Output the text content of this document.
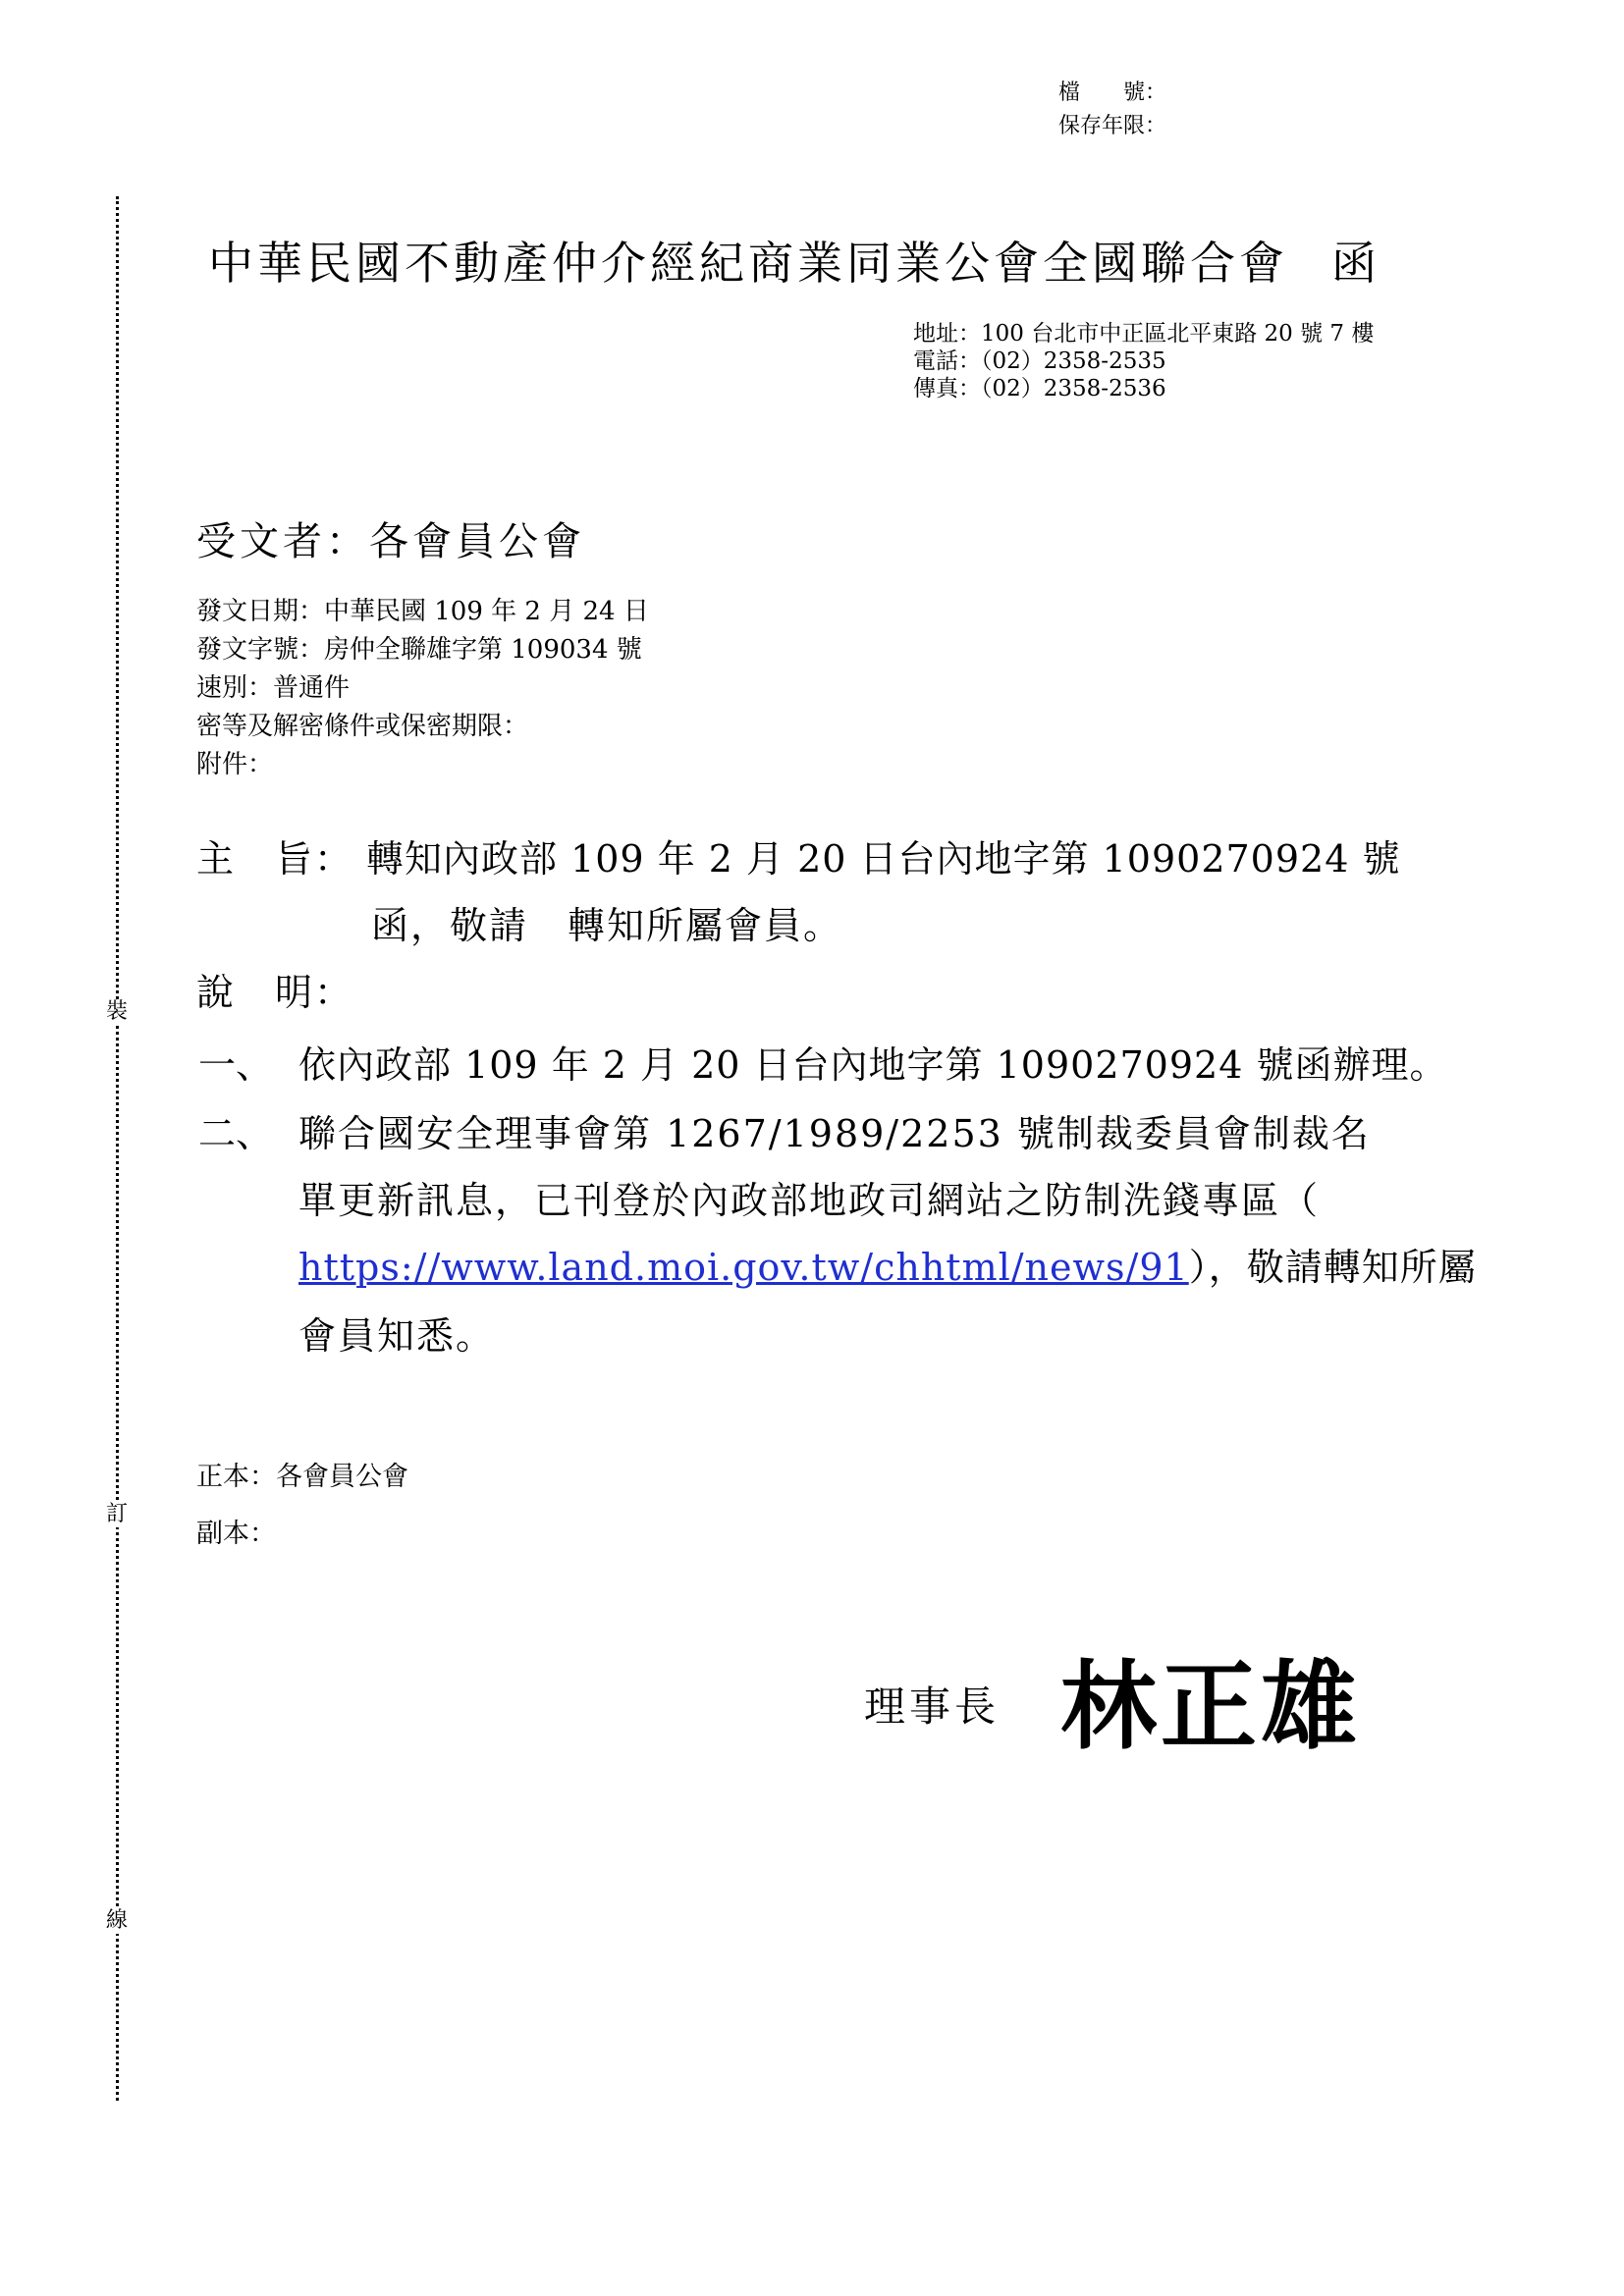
檔　　號：
保存年限：
裝
訂
線
中華民國不動產仲介經紀商業同業公會全國聯合會 函
地址：100 台北市中正區北平東路 20 號 7 樓
電話：（02）2358-2535
傳真：（02）2358-2536
受文者：各會員公會
發文日期：中華民國 109 年 2 月 24 日
發文字號：房仲全聯雄字第 109034 號
速別：普通件
密等及解密條件或保密期限：
附件：
主　旨： 轉知內政部 109 年 2 月 20 日台內地字第 1090270924 號
函，敬請　轉知所屬會員。
說　明：
一、 依內政部 109 年 2 月 20 日台內地字第 1090270924 號函辦理。
二、 聯合國安全理事會第 1267/1989/2253 號制裁委員會制裁名
單更新訊息，已刊登於內政部地政司網站之防制洗錢專區（
https://www.land.moi.gov.tw/chhtml/news/91），敬請轉知所屬
會員知悉。
正本：各會員公會
副本：
理事長 林正雄
